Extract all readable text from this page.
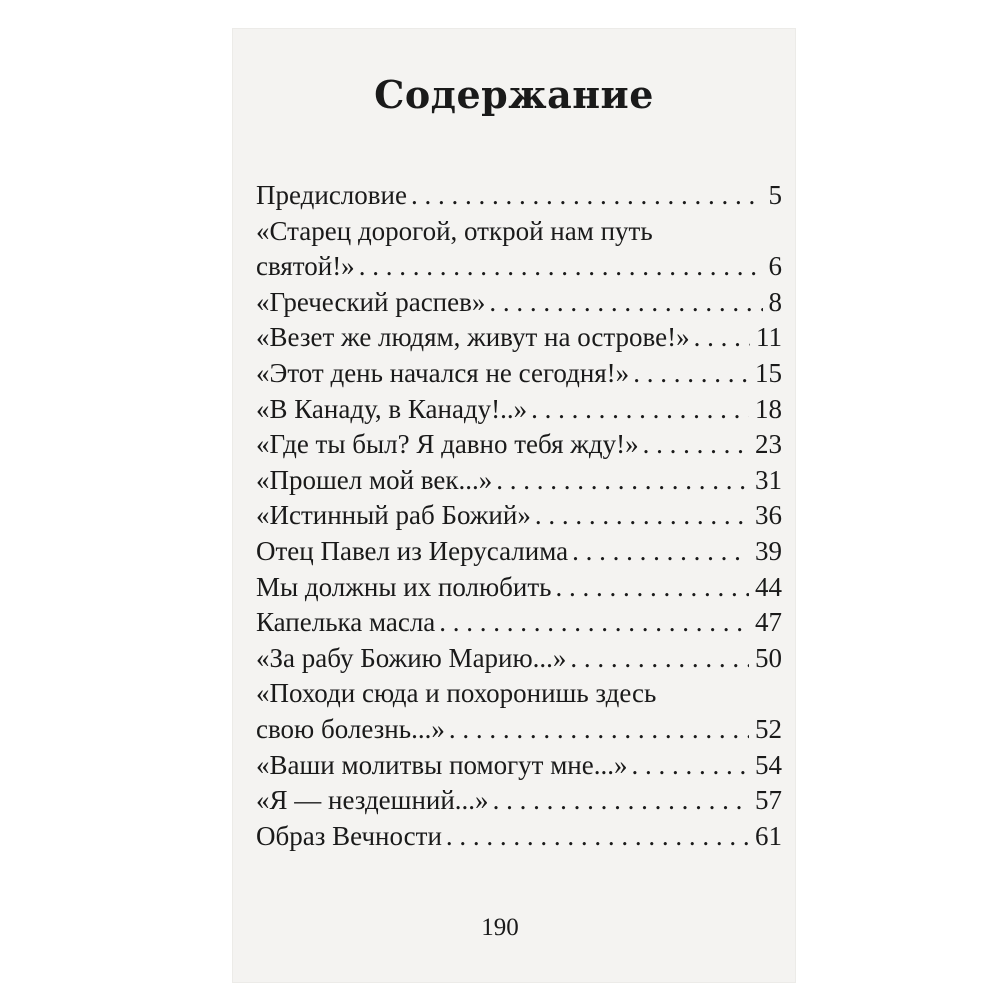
Содержание
Предисловие . . .	5
«Старец дорогой, открой нам путь
святой!» . . .	6
«Греческий распев» . . .	8
«Везет же людям, живут на острове!» . . . 11
«Этот день начался не сегодня!» . . .	15
«В Канаду, в Канаду!..» . . .	18
«Где ты был? Я давно тебя жду!» . . .	23
«Прошел мой век...» . . .	31
«Истинный раб Божий» . . .	36
Отец Павел из Иерусалима . . .	39
Мы должны их полюбить . . .	44
Капелька масла . . .	47
«За рабу Божию Марию...» . . .	50
«Походи сюда и похоронишь здесь
свою болезнь...» . . .	52
«Ваши молитвы помогут мне...» . . .	54
«Я — нездешний...» . . .	57
Образ Вечности . . .	61
190
